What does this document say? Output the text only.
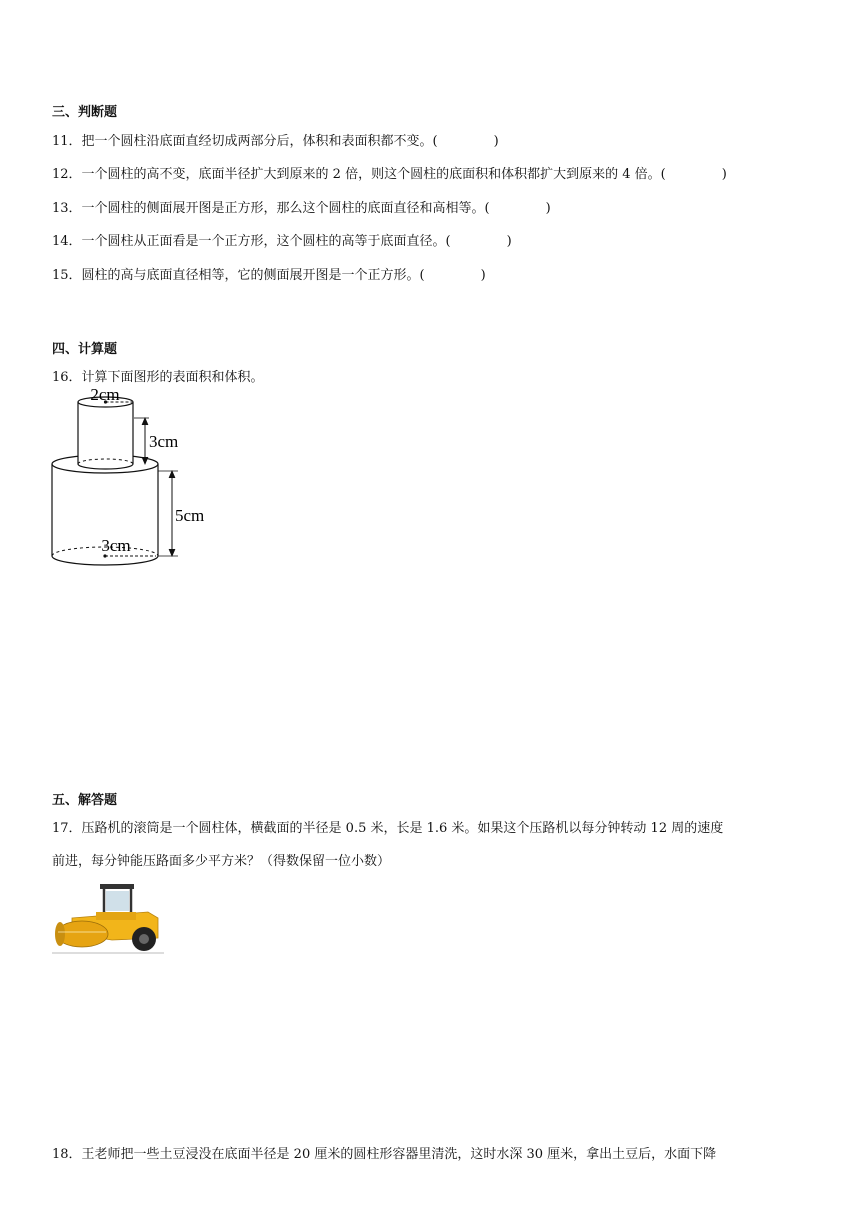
三、判断题
11．把一个圆柱沿底面直经切成两部分后，体积和表面积都不变。(	)
12．一个圆柱的高不变，底面半径扩大到原来的 2 倍，则这个圆柱的底面积和体积都扩大到原来的 4 倍。(	)
13．一个圆柱的侧面展开图是正方形，那么这个圆柱的底面直径和高相等。(	)
14．一个圆柱从正面看是一个正方形，这个圆柱的高等于底面直径。(	)
15．圆柱的高与底面直径相等，它的侧面展开图是一个正方形。(	)
四、计算题
16．计算下面图形的表面积和体积。
2cm
3cm
5cm
3cm
五、解答题
17．压路机的滚筒是一个圆柱体，横截面的半径是 0.5 米，长是 1.6 米。如果这个压路机以每分钟转动 12 周的速度
前进，每分钟能压路面多少平方米？（得数保留一位小数）
18．王老师把一些土豆浸没在底面半径是 20 厘米的圆柱形容器里清洗，这时水深 30 厘米，拿出土豆后，水面下降
